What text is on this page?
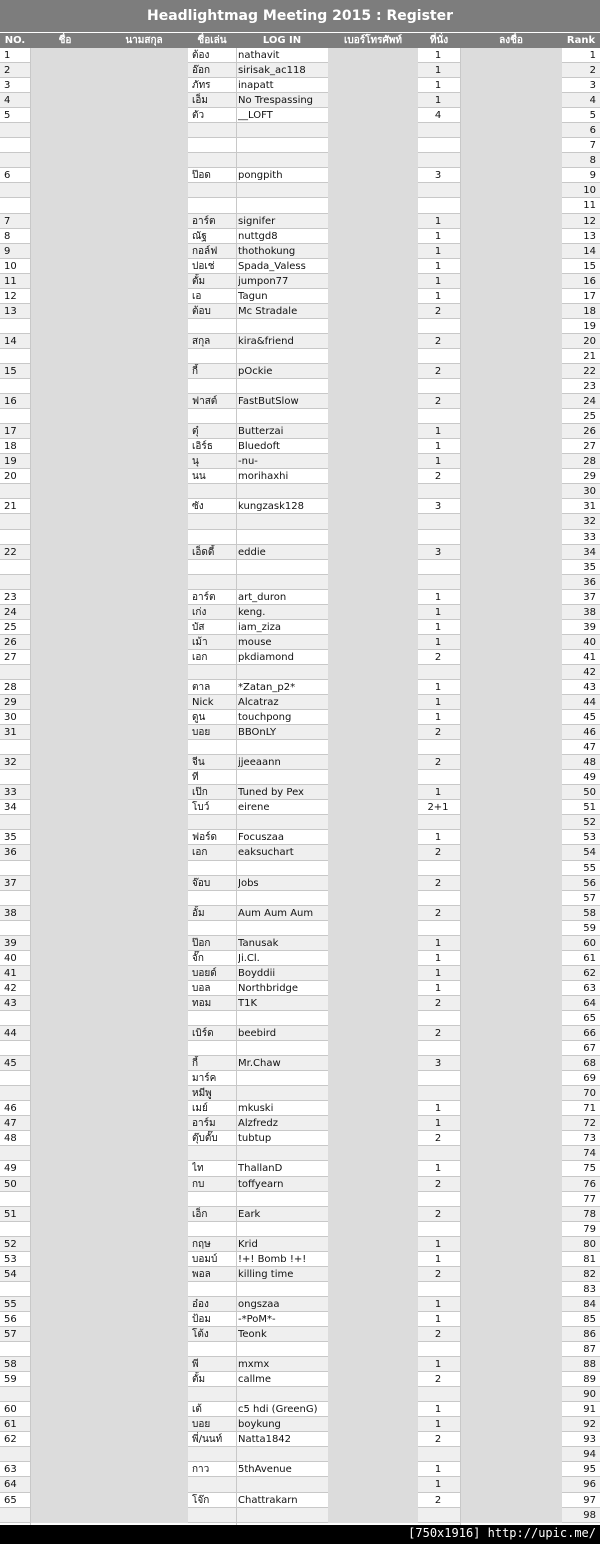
Headlightmag Meeting 2015 : Register
NO.	ชื่อ	นามสกุล	ชื่อเล่น	LOG IN	เบอร์โทรศัพท์	ที่นั่ง	ลงชื่อ	Rank
1	ต้อง	nathavit	1	1
2	อ๊อก	sirisak_ac118	1	2
3	ภัทร	inapatt	1	3
4	เอ็ม	No Trespassing	1	4
5	ตัว	__LOFT	4	5
6
7
8
6	ป๊อด	pongpith	3	9
10
11
7	อาร์ต	signifer	1	12
8	ณัฐ	nuttgd8	1	13
9	กอล์ฟ	thothokung	1	14
10	ปอเช่	Spada_Valess	1	15
11	ตั้ม	jumpon77	1	16
12	เอ	Tagun	1	17
13	ต้อบ	Mc Stradale	2	18
19
14	สกุล	kira&friend	2	20
21
15	กี้	pOckie	2	22
23
16	ฟาสต์	FastButSlow	2	24
25
17	ตุ๋	Butterzai	1	26
18	เอิร์ธ	Bluedoft	1	27
19	นุ	-nu-	1	28
20	นน	morihaxhi	2	29
30
21	ซัง	kungzask128	3	31
32
33
22	เอ็ดดี้	eddie	3	34
35
36
23	อาร์ต	art_duron	1	37
24	เก่ง	keng.	1	38
25	บัส	iam_ziza	1	39
26	เม้า	mouse	1	40
27	เอก	pkdiamond	2	41
42
28	ตาล	*Zatan_p2*	1	43
29	Nick	Alcatraz	1	44
30	ดูน	touchpong	1	45
31	บอย	BBOnLY	2	46
47
32	จีน	jjeeaann	2	48
ที	49
33	เป๊ก	Tuned by Pex	1	50
34	โบว์	eirene	2+1	51
52
35	ฟอร์ด	Focuszaa	1	53
36	เอก	eaksuchart	2	54
55
37	จ๊อบ	Jobs	2	56
57
38	อั้ม	Aum Aum Aum	2	58
59
39	ป๊อก	Tanusak	1	60
40	จั๊ก	Ji.Cl.	1	61
41	บอยด์	Boyddii	1	62
42	บอล	Northbridge	1	63
43	ทอม	T1K	2	64
65
44	เบิร์ด	beebird	2	66
67
45	กี้	Mr.Chaw	3	68
มาร์ค	69
หมีพู	70
46	เมย์	mkuski	1	71
47	อาร์ม	Alzfredz	1	72
48	ตุ๊บตั๊บ	tubtup	2	73
74
49	ไท	ThallanD	1	75
50	กบ	toffyearn	2	76
77
51	เอ็ก	Eark	2	78
79
52	กฤษ	Krid	1	80
53	บอมบ์	!+! Bomb !+!	1	81
54	พอล	killing time	2	82
83
55	อ๋อง	ongszaa	1	84
56	ป้อม	-*PoM*-	1	85
57	โต้ง	Teonk	2	86
87
58	พี	mxmx	1	88
59	ตั้ม	callme	2	89
90
60	เต้	c5 hdi (GreenG)	1	91
61	บอย	boykung	1	92
62	พี่/นนท์	Natta1842	2	93
94
63	กาว	5thAvenue	1	95
64	1	96
65	โจ๊ก	Chattrakarn	2	97
98
[750x1916] http://upic.me/
